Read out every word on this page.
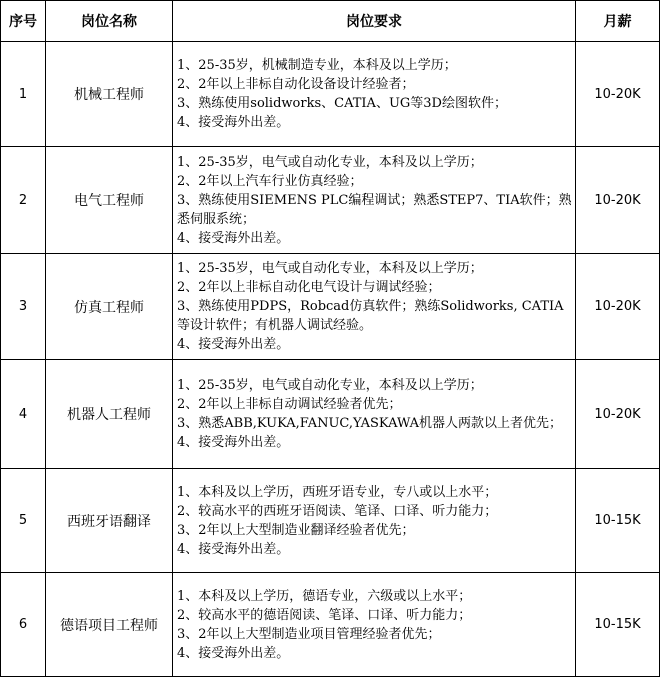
序号	岗位名称	岗位要求	月薪
1	机械工程师	1、25-35岁，机械制造专业，本科及以上学历；
2、2年以上非标自动化设备设计经验者；
3、熟练使用solidworks、CATIA、UG等3D绘图软件；
4、接受海外出差。	10-20K
2	电气工程师	1、25-35岁，电气或自动化专业，本科及以上学历；
2、2年以上汽车行业仿真经验；
3、熟练使用SIEMENS PLC编程调试；熟悉STEP7、TIA软件；熟悉伺服系统；
4、接受海外出差。	10-20K
3	仿真工程师	1、25-35岁，电气或自动化专业，本科及以上学历；
2、2年以上非标自动化电气设计与调试经验；
3、熟练使用PDPS，Robcad仿真软件；熟练Solidworks, CATIA等设计软件；有机器人调试经验。
4、接受海外出差。	10-20K
4	机器人工程师	1、25-35岁，电气或自动化专业，本科及以上学历；
2、2年以上非标自动调试经验者优先；
3、熟悉ABB,KUKA,FANUC,YASKAWA机器人两款以上者优先；
4、接受海外出差。	10-20K
5	西班牙语翻译	1、本科及以上学历，西班牙语专业，专八或以上水平；
2、较高水平的西班牙语阅读、笔译、口译、听力能力；
3、2年以上大型制造业翻译经验者优先；
4、接受海外出差。	10-15K
6	德语项目工程师	1、本科及以上学历，德语专业，六级或以上水平；
2、较高水平的德语阅读、笔译、口译、听力能力；
3、2年以上大型制造业项目管理经验者优先；
4、接受海外出差。	10-15K
